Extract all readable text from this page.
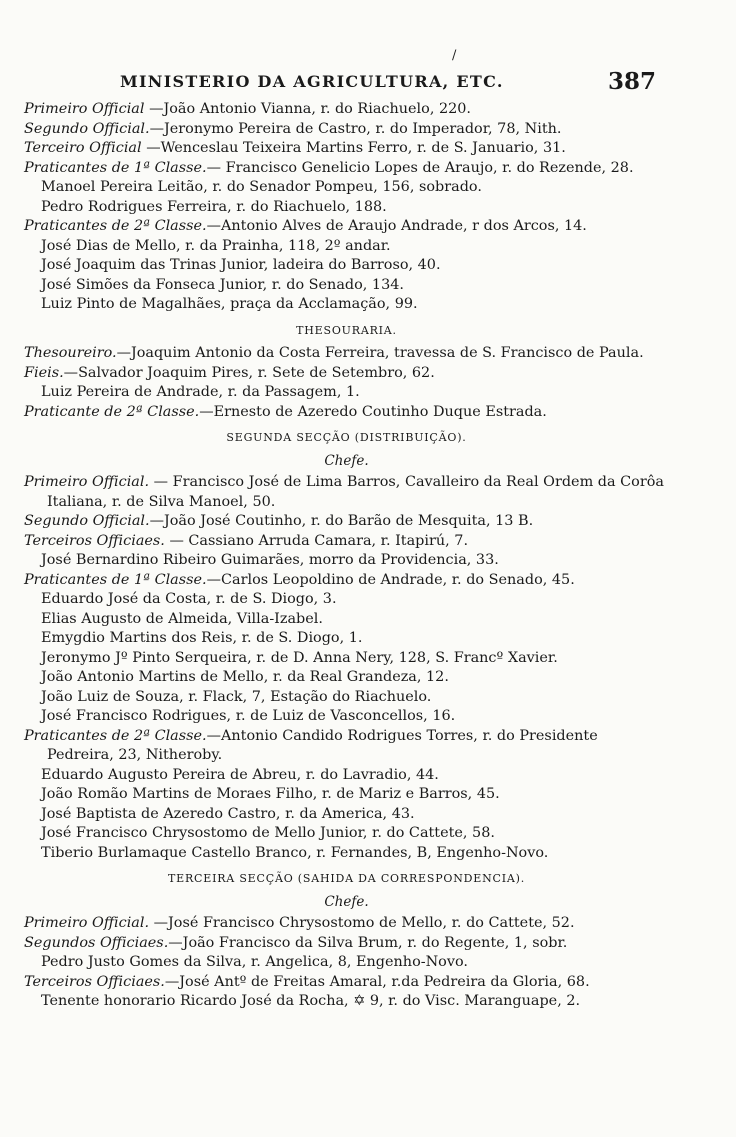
/
MINISTERIO DA AGRICULTURA, ETC.	387

Primeiro Official —João Antonio Vianna, r. do Riachuelo, 220.

Segundo Official.—Jeronymo Pereira de Castro, r. do Imperador, 78, Nith.

Terceiro Official —Wenceslau Teixeira Martins Ferro, r. de S. Januario, 31.

Praticantes de 1ª Classe.— Francisco Genelicio Lopes de Araujo, r. do Rezende, 28.

Manoel Pereira Leitão, r. do Senador Pompeu, 156, sobrado.

Pedro Rodrigues Ferreira, r. do Riachuelo, 188.

Praticantes de 2ª Classe.—Antonio Alves de Araujo Andrade, r dos Arcos, 14.

José Dias de Mello, r. da Prainha, 118, 2º andar.

José Joaquim das Trinas Junior, ladeira do Barroso, 40.

José Simões da Fonseca Junior, r. do Senado, 134.

Luiz Pinto de Magalhães, praça da Acclamação, 99.

THESOURARIA.

Thesoureiro.—Joaquim Antonio da Costa Ferreira, travessa de S. Francisco de Paula.

Fieis.—Salvador Joaquim Pires, r. Sete de Setembro, 62.

Luiz Pereira de Andrade, r. da Passagem, 1.

Praticante de 2ª Classe.—Ernesto de Azeredo Coutinho Duque Estrada.

SEGUNDA SECÇÃO (DISTRIBUIÇÃO).

Chefe.

Primeiro Official. — Francisco José de Lima Barros, Cavalleiro da Real Ordem da Corôa Italiana, r. de Silva Manoel, 50.

Segundo Official.—João José Coutinho, r. do Barão de Mesquita, 13 B.

Terceiros Officiaes. — Cassiano Arruda Camara, r. Itapirú, 7.

José Bernardino Ribeiro Guimarães, morro da Providencia, 33.

Praticantes de 1ª Classe.—Carlos Leopoldino de Andrade, r. do Senado, 45.

Eduardo José da Costa, r. de S. Diogo, 3.

Elias Augusto de Almeida, Villa-Izabel.

Emygdio Martins dos Reis, r. de S. Diogo, 1.

Jeronymo Jº Pinto Serqueira, r. de D. Anna Nery, 128, S. Francº Xavier.

João Antonio Martins de Mello, r. da Real Grandeza, 12.

João Luiz de Souza, r. Flack, 7, Estação do Riachuelo.

José Francisco Rodrigues, r. de Luiz de Vasconcellos, 16.

Praticantes de 2ª Classe.—Antonio Candido Rodrigues Torres, r. do Presidente Pedreira, 23, Nitheroby.

Eduardo Augusto Pereira de Abreu, r. do Lavradio, 44.

João Romão Martins de Moraes Filho, r. de Mariz e Barros, 45.

José Baptista de Azeredo Castro, r. da America, 43.

José Francisco Chrysostomo de Mello Junior, r. do Cattete, 58.

Tiberio Burlamaque Castello Branco, r. Fernandes, B, Engenho-Novo.

TERCEIRA SECÇÃO (SAHIDA DA CORRESPONDENCIA).

Chefe.

Primeiro Official. —José Francisco Chrysostomo de Mello, r. do Cattete, 52.

Segundos Officiaes.—João Francisco da Silva Brum, r. do Regente, 1, sobr.

Pedro Justo Gomes da Silva, r. Angelica, 8, Engenho-Novo.

Terceiros Officiaes.—José Antº de Freitas Amaral, r.da Pedreira da Gloria, 68.

Tenente honorario Ricardo José da Rocha, ✡ 9, r. do Visc. Maranguape, 2.
